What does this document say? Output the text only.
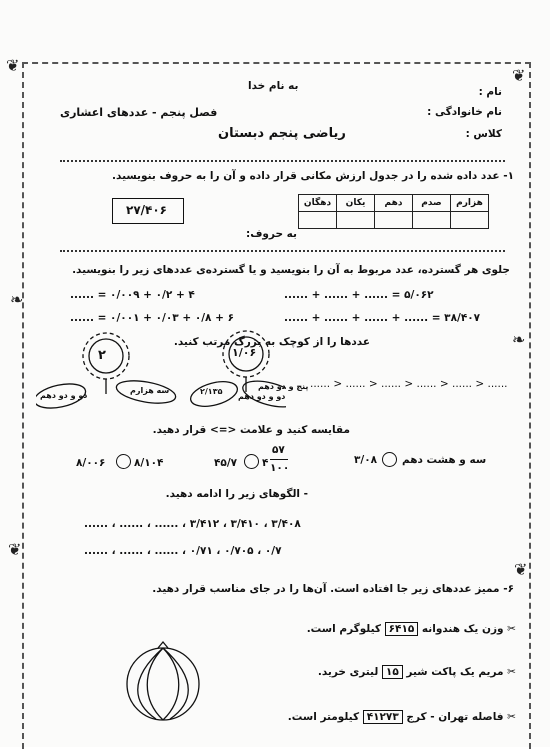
❦
❦
❧
❧
❦
❦
به نام خدا	نام :
نام خانوادگی :
کلاس :
فصل پنجم - عددهای اعشاری
ریاضی پنجم دبستان
۱- عدد داده شده را در جدول ارزش مکانی قرار داده و آن را به حروف بنویسید.
۲۷/۴۰۶	هزارم	صدم	دهم	یکان	دهگان

به حروف:
جلوی هر گسترده، عدد مربوط به آن را بنویسید و یا گسترده‌ی عددهای زیر را بنویسید.
۴ + ۰/۲ + ۰/۰۰۹ = ......
۶ + ۰/۸ + ۰/۰۳ + ۰/۰۰۱ = ......
۵/۰۶۲ = ...... + ...... + ......
۳۸/۴۰۷ = ...... + ...... + ...... + ......
عددها را از کوچک به بزرگ مرتب کنید.
...... < ...... < ...... < ...... < ...... < ......
۲	۱/۰۶
دو و دو دهم
سه هزارم	۲/۱۳۵
دو و دو دهم
پنج و دو دهم
مقایسه کنید و علامت <=> قرار دهید.
۸/۰۰۶	۸/۱۰۴	۴۵/۷ ۴
۵۷
۱۰۰
۳/۰۸ سه و هشت دهم
- الگوهای زیر را ادامه دهید.
۳/۴۰۸ ، ۳/۴۱۰ ، ۳/۴۱۲ ، ...... ، ...... ، ......
۰/۷ ، ۰/۷۰۵ ، ۰/۷۱ ، ...... ، ...... ، ......
۶- ممیز عددهای زیر جا افتاده است. آن‌ها را در جای مناسب قرار دهید.
✂ وزن یک هندوانه ۶۴۱۵ کیلوگرم است.
✂ مریم یک پاکت شیر ۱۵ لیتری خرید.
✂ فاصله تهران - کرج ۴۱۲۷۳ کیلومتر است.
